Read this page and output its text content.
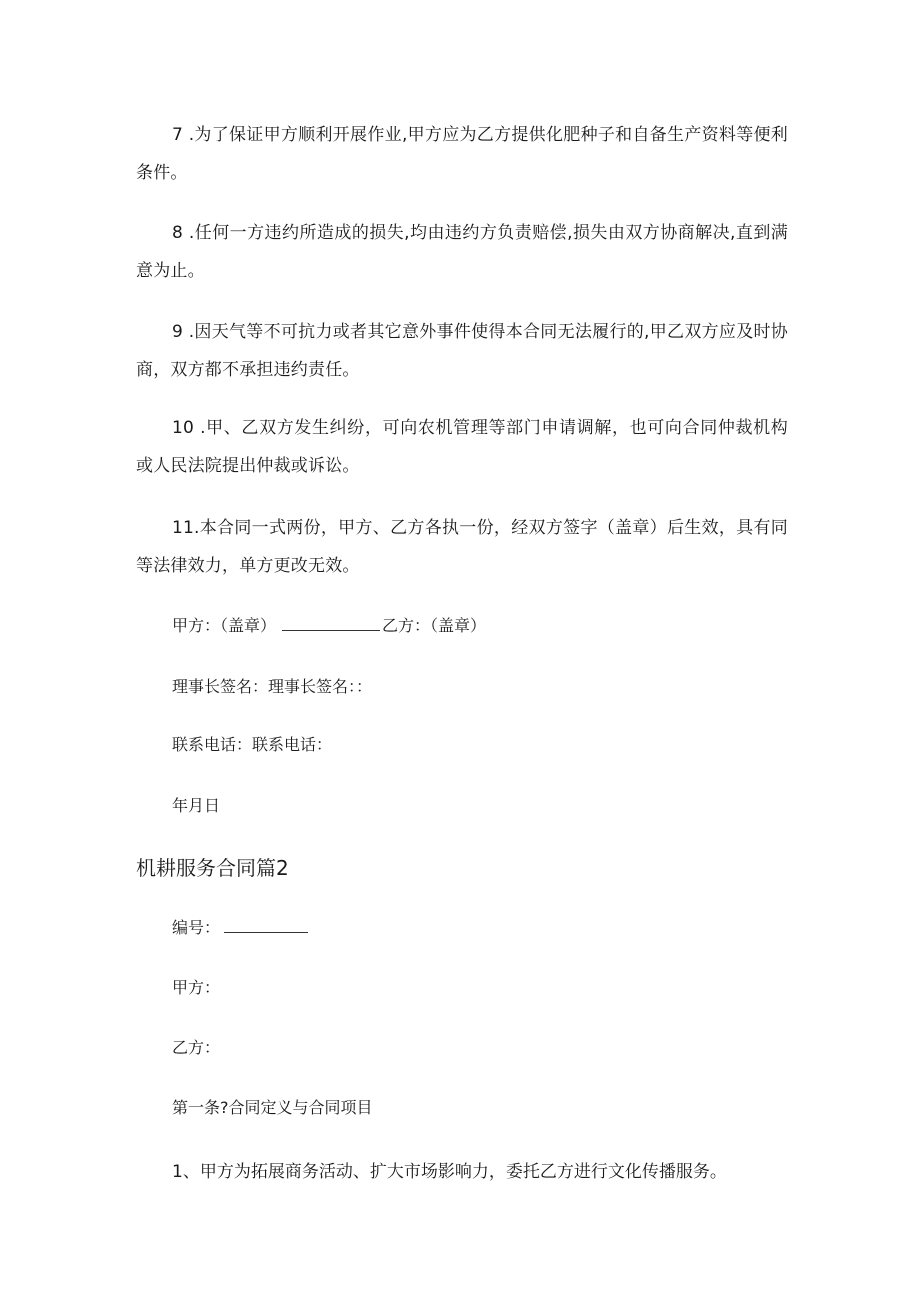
7 .为了保证甲方顺利开展作业,甲方应为乙方提供化肥种子和自备生产资料等便利条件。

8 .任何一方违约所造成的损失,均由违约方负责赔偿,损失由双方协商解决,直到满意为止。

9 .因天气等不可抗力或者其它意外事件使得本合同无法履行的,甲乙双方应及时协商，双方都不承担违约责任。

10 .甲、乙双方发生纠纷，可向农机管理等部门申请调解，也可向合同仲裁机构或人民法院提出仲裁或诉讼。

11.本合同一式两份，甲方、乙方各执一份，经双方签字（盖章）后生效，具有同等法律效力，单方更改无效。

甲方：（盖章）	乙方：（盖章）

理事长签名：理事长签名：：

联系电话：联系电话：

年月日

机耕服务合同篇2

编号：

甲方：

乙方：

第一条?合同定义与合同项目

1、甲方为拓展商务活动、扩大市场影响力，委托乙方进行文化传播服务。
